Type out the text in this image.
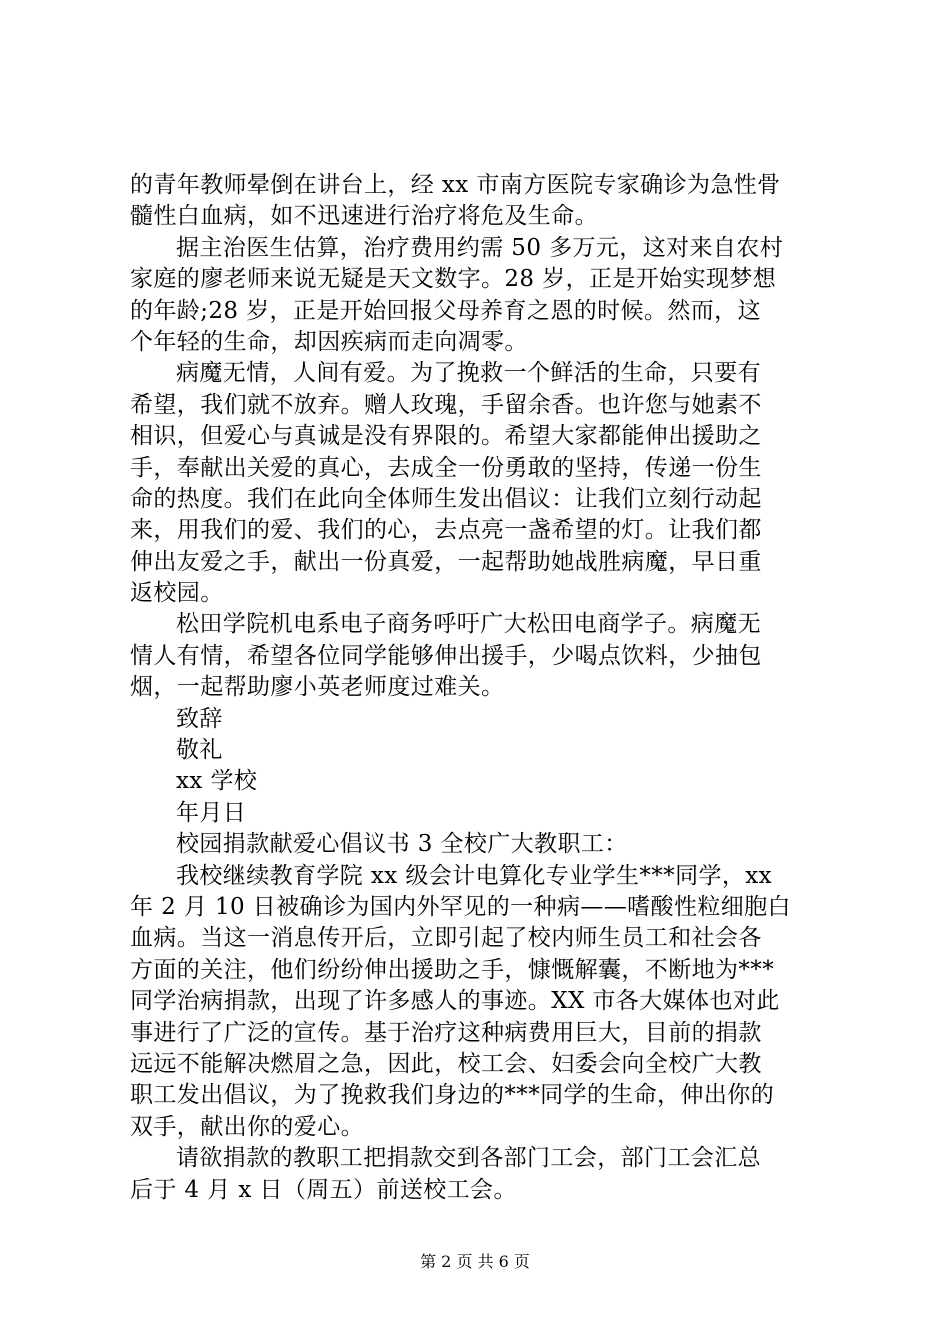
的青年教师晕倒在讲台上，经 xx 市南方医院专家确诊为急性骨
髓性白血病，如不迅速进行治疗将危及生命。
据主治医生估算，治疗费用约需 50 多万元，这对来自农村
家庭的廖老师来说无疑是天文数字。28 岁，正是开始实现梦想
的年龄;28 岁，正是开始回报父母养育之恩的时候。然而，这
个年轻的生命，却因疾病而走向凋零。
病魔无情，人间有爱。为了挽救一个鲜活的生命，只要有
希望，我们就不放弃。赠人玫瑰，手留余香。也许您与她素不
相识，但爱心与真诚是没有界限的。希望大家都能伸出援助之
手，奉献出关爱的真心，去成全一份勇敢的坚持，传递一份生
命的热度。我们在此向全体师生发出倡议：让我们立刻行动起
来，用我们的爱、我们的心，去点亮一盏希望的灯。让我们都
伸出友爱之手，献出一份真爱，一起帮助她战胜病魔，早日重
返校园。
松田学院机电系电子商务呼吁广大松田电商学子。病魔无
情人有情，希望各位同学能够伸出援手，少喝点饮料，少抽包
烟，一起帮助廖小英老师度过难关。
致辞
敬礼
xx 学校
年月日
校园捐款献爱心倡议书 3 全校广大教职工：
我校继续教育学院 xx 级会计电算化专业学生***同学，xx
年 2 月 10 日被确诊为国内外罕见的一种病——嗜酸性粒细胞白
血病。当这一消息传开后，立即引起了校内师生员工和社会各
方面的关注，他们纷纷伸出援助之手，慷慨解囊，不断地为***
同学治病捐款，出现了许多感人的事迹。XX 市各大媒体也对此
事进行了广泛的宣传。基于治疗这种病费用巨大，目前的捐款
远远不能解决燃眉之急，因此，校工会、妇委会向全校广大教
职工发出倡议，为了挽救我们身边的***同学的生命，伸出你的
双手，献出你的爱心。
请欲捐款的教职工把捐款交到各部门工会，部门工会汇总
后于 4 月 x 日（周五）前送校工会。
第 2 页 共 6 页
